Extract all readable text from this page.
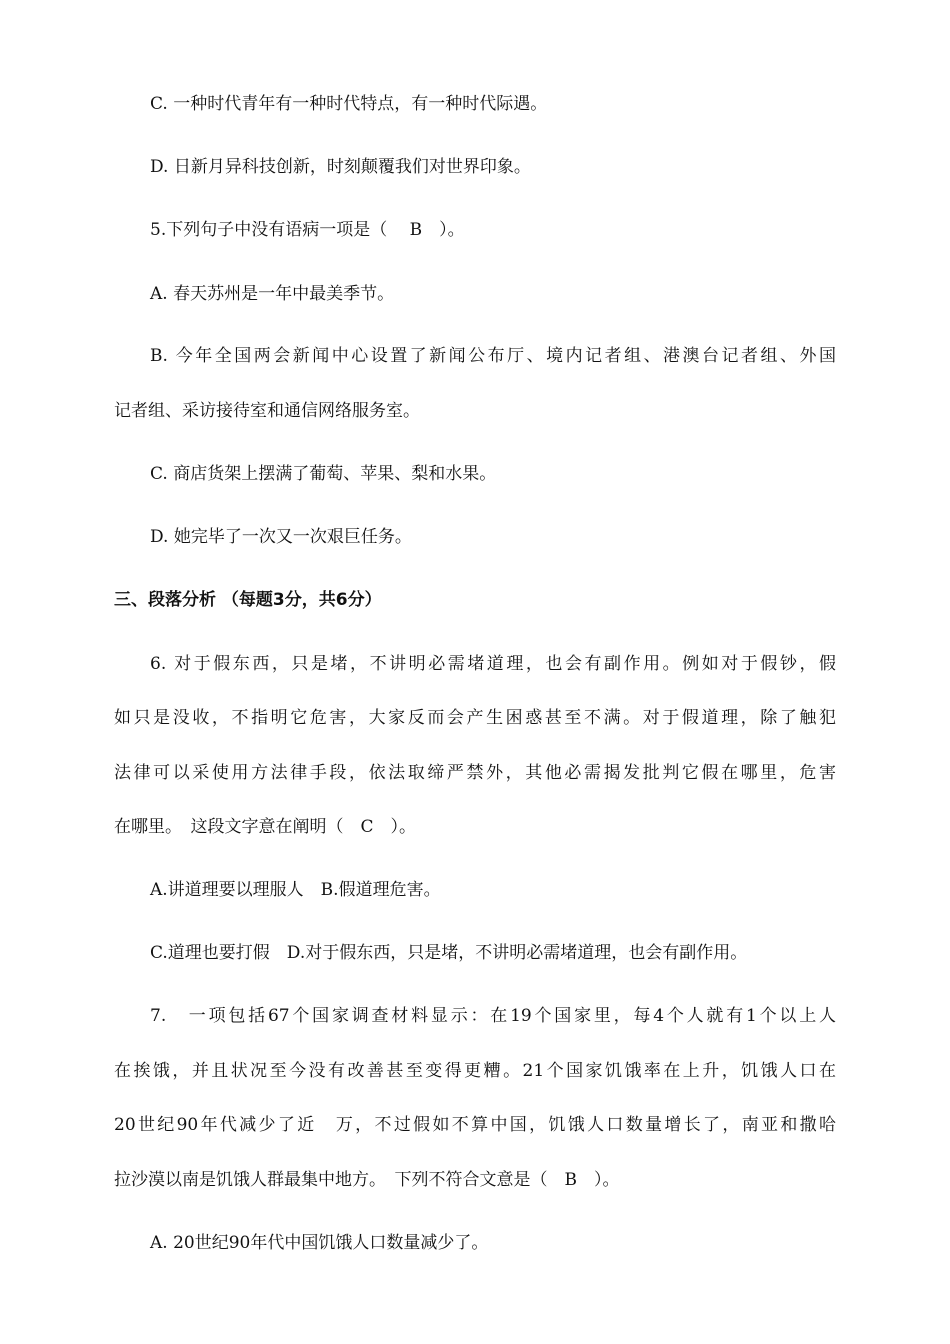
C. 一种时代青年有一种时代特点，有一种时代际遇。
D. 日新月异科技创新，时刻颠覆我们对世界印象。
5.下列句子中没有语病一项是（　 B　）。
A. 春天苏州是一年中最美季节。
B. 今年全国两会新闻中心设置了新闻公布厅、境内记者组、港澳台记者组、外国
记者组、采访接待室和通信网络服务室。
C. 商店货架上摆满了葡萄、苹果、梨和水果。
D. 她完毕了一次又一次艰巨任务。
三、段落分析 （每题3分，共6分）
6. 对于假东西，只是堵，不讲明必需堵道理，也会有副作用。例如对于假钞，假
如只是没收，不指明它危害，大家反而会产生困惑甚至不满。对于假道理，除了触犯
法律可以采使用方法律手段，依法取缔严禁外，其他必需揭发批判它假在哪里，危害
在哪里。　这段文字意在阐明（　C　）。
A.讲道理要以理服人　B.假道理危害。
C.道理也要打假　D.对于假东西，只是堵，不讲明必需堵道理，也会有副作用。
7.　一项包括67个国家调查材料显示：在19个国家里，每4个人就有1个以上人
在挨饿，并且状况至今没有改善甚至变得更糟。21个国家饥饿率在上升，饥饿人口在
20世纪90年代减少了近　万，不过假如不算中国，饥饿人口数量增长了，南亚和撒哈
拉沙漠以南是饥饿人群最集中地方。　下列不符合文意是（　B　）。
A. 20世纪90年代中国饥饿人口数量减少了。
